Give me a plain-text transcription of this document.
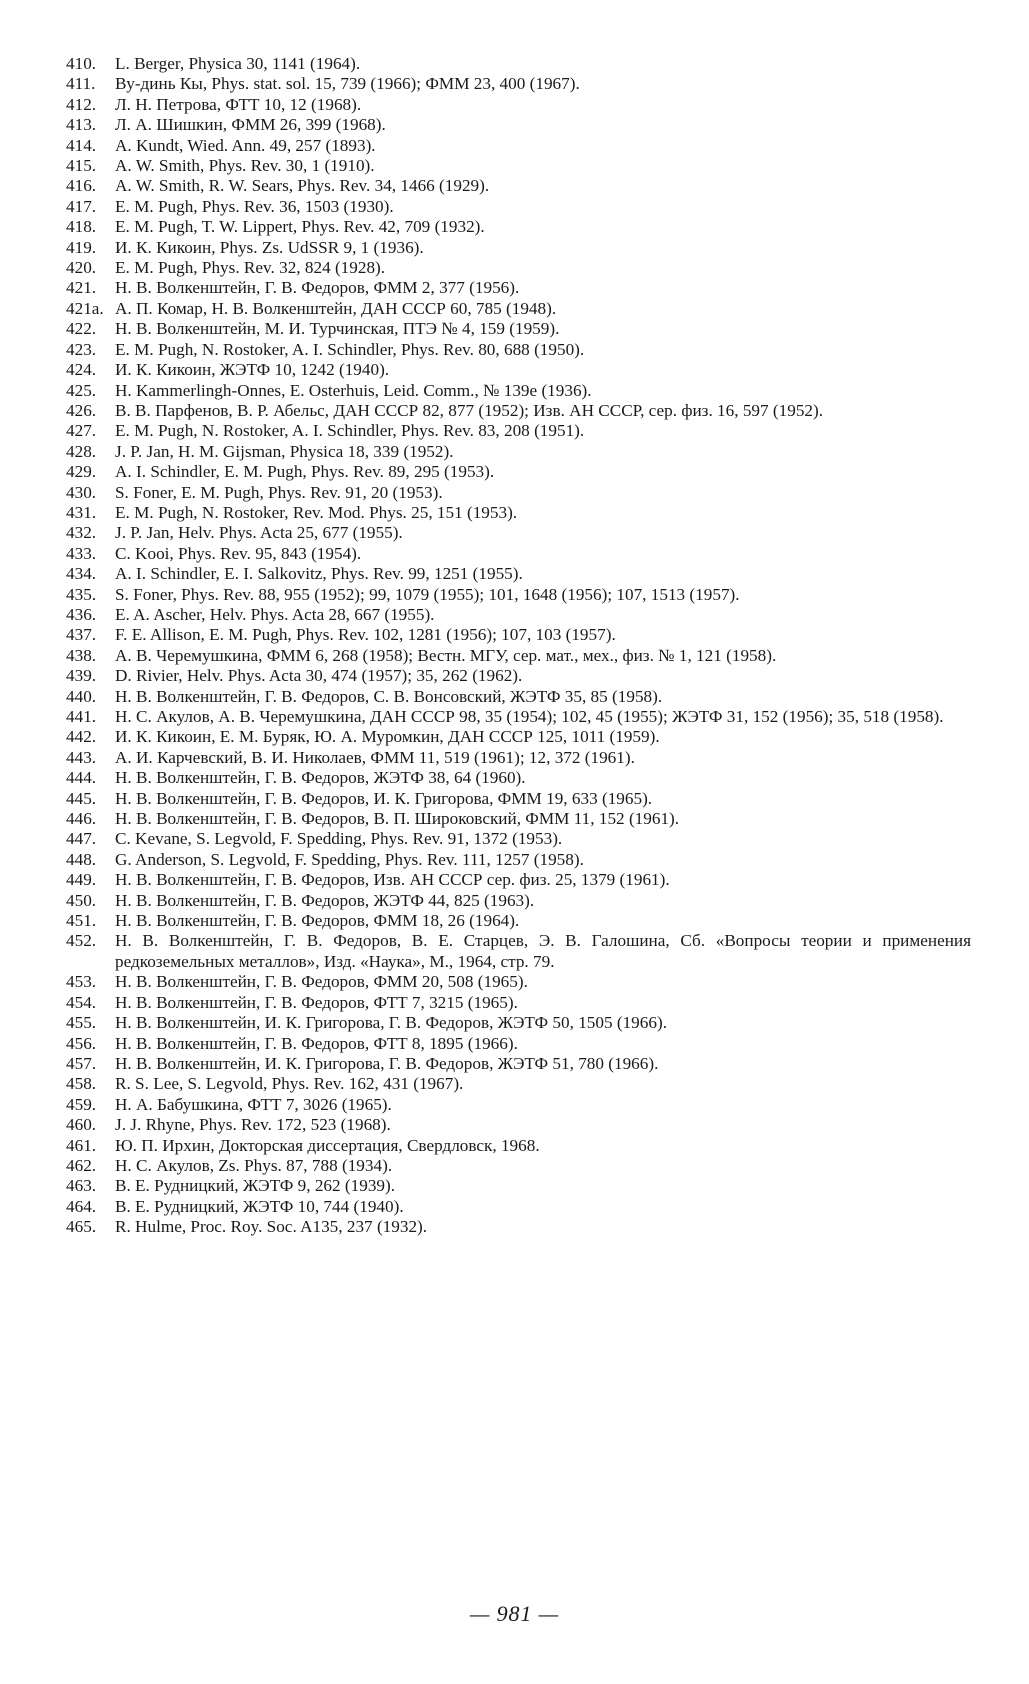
410.	L. Berger, Physica 30, 1141 (1964).
411.	Ву-динь Кы, Phys. stat. sol. 15, 739 (1966); ФММ 23, 400 (1967).
412.	Л. Н. Петрова, ФТТ 10, 12 (1968).
413.	Л. А. Шишкин, ФММ 26, 399 (1968).
414.	A. Kundt, Wied. Ann. 49, 257 (1893).
415.	A. W. Smith, Phys. Rev. 30, 1 (1910).
416.	A. W. Smith, R. W. Sears, Phys. Rev. 34, 1466 (1929).
417.	E. M. Pugh, Phys. Rev. 36, 1503 (1930).
418.	E. M. Pugh, T. W. Lippert, Phys. Rev. 42, 709 (1932).
419.	И. К. Кикоин, Phys. Zs. UdSSR 9, 1 (1936).
420.	E. M. Pugh, Phys. Rev. 32, 824 (1928).
421.	Н. В. Волкенштейн, Г. В. Федоров, ФММ 2, 377 (1956).
421а. А. П. Комар, Н. В. Волкенштейн, ДАН СССР 60, 785 (1948).
422.	Н. В. Волкенштейн, М. И. Турчинская, ПТЭ № 4, 159 (1959).
423.	E. M. Pugh, N. Rostoker, A. I. Schindler, Phys. Rev. 80, 688 (1950).
424.	И. К. Кикоин, ЖЭТФ 10, 1242 (1940).
425.	H. Kammerlingh-Onnes, E. Osterhuis, Leid. Comm., № 139e (1936).
426.	В. В. Парфенов, В. Р. Абельс, ДАН СССР 82, 877 (1952); Изв. АН СССР, сер. физ. 16, 597 (1952).
427.	E. M. Pugh, N. Rostoker, A. I. Schindler, Phys. Rev. 83, 208 (1951).
428.	J. P. Jan, H. M. Gijsman, Physica 18, 339 (1952).
429.	A. I. Schindler, E. M. Pugh, Phys. Rev. 89, 295 (1953).
430.	S. Foner, E. M. Pugh, Phys. Rev. 91, 20 (1953).
431.	E. M. Pugh, N. Rostoker, Rev. Mod. Phys. 25, 151 (1953).
432.	J. P. Jan, Helv. Phys. Acta 25, 677 (1955).
433.	C. Kooi, Phys. Rev. 95, 843 (1954).
434.	A. I. Schindler, E. I. Salkovitz, Phys. Rev. 99, 1251 (1955).
435.	S. Foner, Phys. Rev. 88, 955 (1952); 99, 1079 (1955); 101, 1648 (1956); 107, 1513 (1957).
436.	E. A. Ascher, Helv. Phys. Acta 28, 667 (1955).
437.	F. E. Allison, E. M. Pugh, Phys. Rev. 102, 1281 (1956); 107, 103 (1957).
438.	А. В. Черемушкина, ФММ 6, 268 (1958); Вестн. МГУ, сер. мат., мех., физ. № 1, 121 (1958).
439.	D. Rivier, Helv. Phys. Acta 30, 474 (1957); 35, 262 (1962).
440.	Н. В. Волкенштейн, Г. В. Федоров, С. В. Вонсовский, ЖЭТФ 35, 85 (1958).
441.	Н. С. Акулов, А. В. Черемушкина, ДАН СССР 98, 35 (1954); 102, 45 (1955); ЖЭТФ 31, 152 (1956); 35, 518 (1958).
442.	И. К. Кикоин, Е. М. Буряк, Ю. А. Муромкин, ДАН СССР 125, 1011 (1959).
443.	А. И. Карчевский, В. И. Николаев, ФММ 11, 519 (1961); 12, 372 (1961).
444.	Н. В. Волкенштейн, Г. В. Федоров, ЖЭТФ 38, 64 (1960).
445.	Н. В. Волкенштейн, Г. В. Федоров, И. К. Григорова, ФММ 19, 633 (1965).
446.	Н. В. Волкенштейн, Г. В. Федоров, В. П. Широковский, ФММ 11, 152 (1961).
447.	C. Kevane, S. Legvold, F. Spedding, Phys. Rev. 91, 1372 (1953).
448.	G. Anderson, S. Legvold, F. Spedding, Phys. Rev. 111, 1257 (1958).
449.	Н. В. Волкенштейн, Г. В. Федоров, Изв. АН СССР сер. физ. 25, 1379 (1961).
450.	Н. В. Волкенштейн, Г. В. Федоров, ЖЭТФ 44, 825 (1963).
451.	Н. В. Волкенштейн, Г. В. Федоров, ФММ 18, 26 (1964).
452.	Н. В. Волкенштейн, Г. В. Федоров, В. Е. Старцев, Э. В. Галошина, Сб. «Вопросы теории и применения редкоземельных металлов», Изд. «Наука», М., 1964, стр. 79.
453.	Н. В. Волкенштейн, Г. В. Федоров, ФММ 20, 508 (1965).
454.	Н. В. Волкенштейн, Г. В. Федоров, ФТТ 7, 3215 (1965).
455.	Н. В. Волкенштейн, И. К. Григорова, Г. В. Федоров, ЖЭТФ 50, 1505 (1966).
456.	Н. В. Волкенштейн, Г. В. Федоров, ФТТ 8, 1895 (1966).
457.	Н. В. Волкенштейн, И. К. Григорова, Г. В. Федоров, ЖЭТФ 51, 780 (1966).
458.	R. S. Lee, S. Legvold, Phys. Rev. 162, 431 (1967).
459.	Н. А. Бабушкина, ФТТ 7, 3026 (1965).
460.	J. J. Rhyne, Phys. Rev. 172, 523 (1968).
461.	Ю. П. Ирхин, Докторская диссертация, Свердловск, 1968.
462.	Н. С. Акулов, Zs. Phys. 87, 788 (1934).
463.	В. Е. Рудницкий, ЖЭТФ 9, 262 (1939).
464.	В. Е. Рудницкий, ЖЭТФ 10, 744 (1940).
465.	R. Hulme, Proc. Roy. Soc. A135, 237 (1932).
— 981 —
